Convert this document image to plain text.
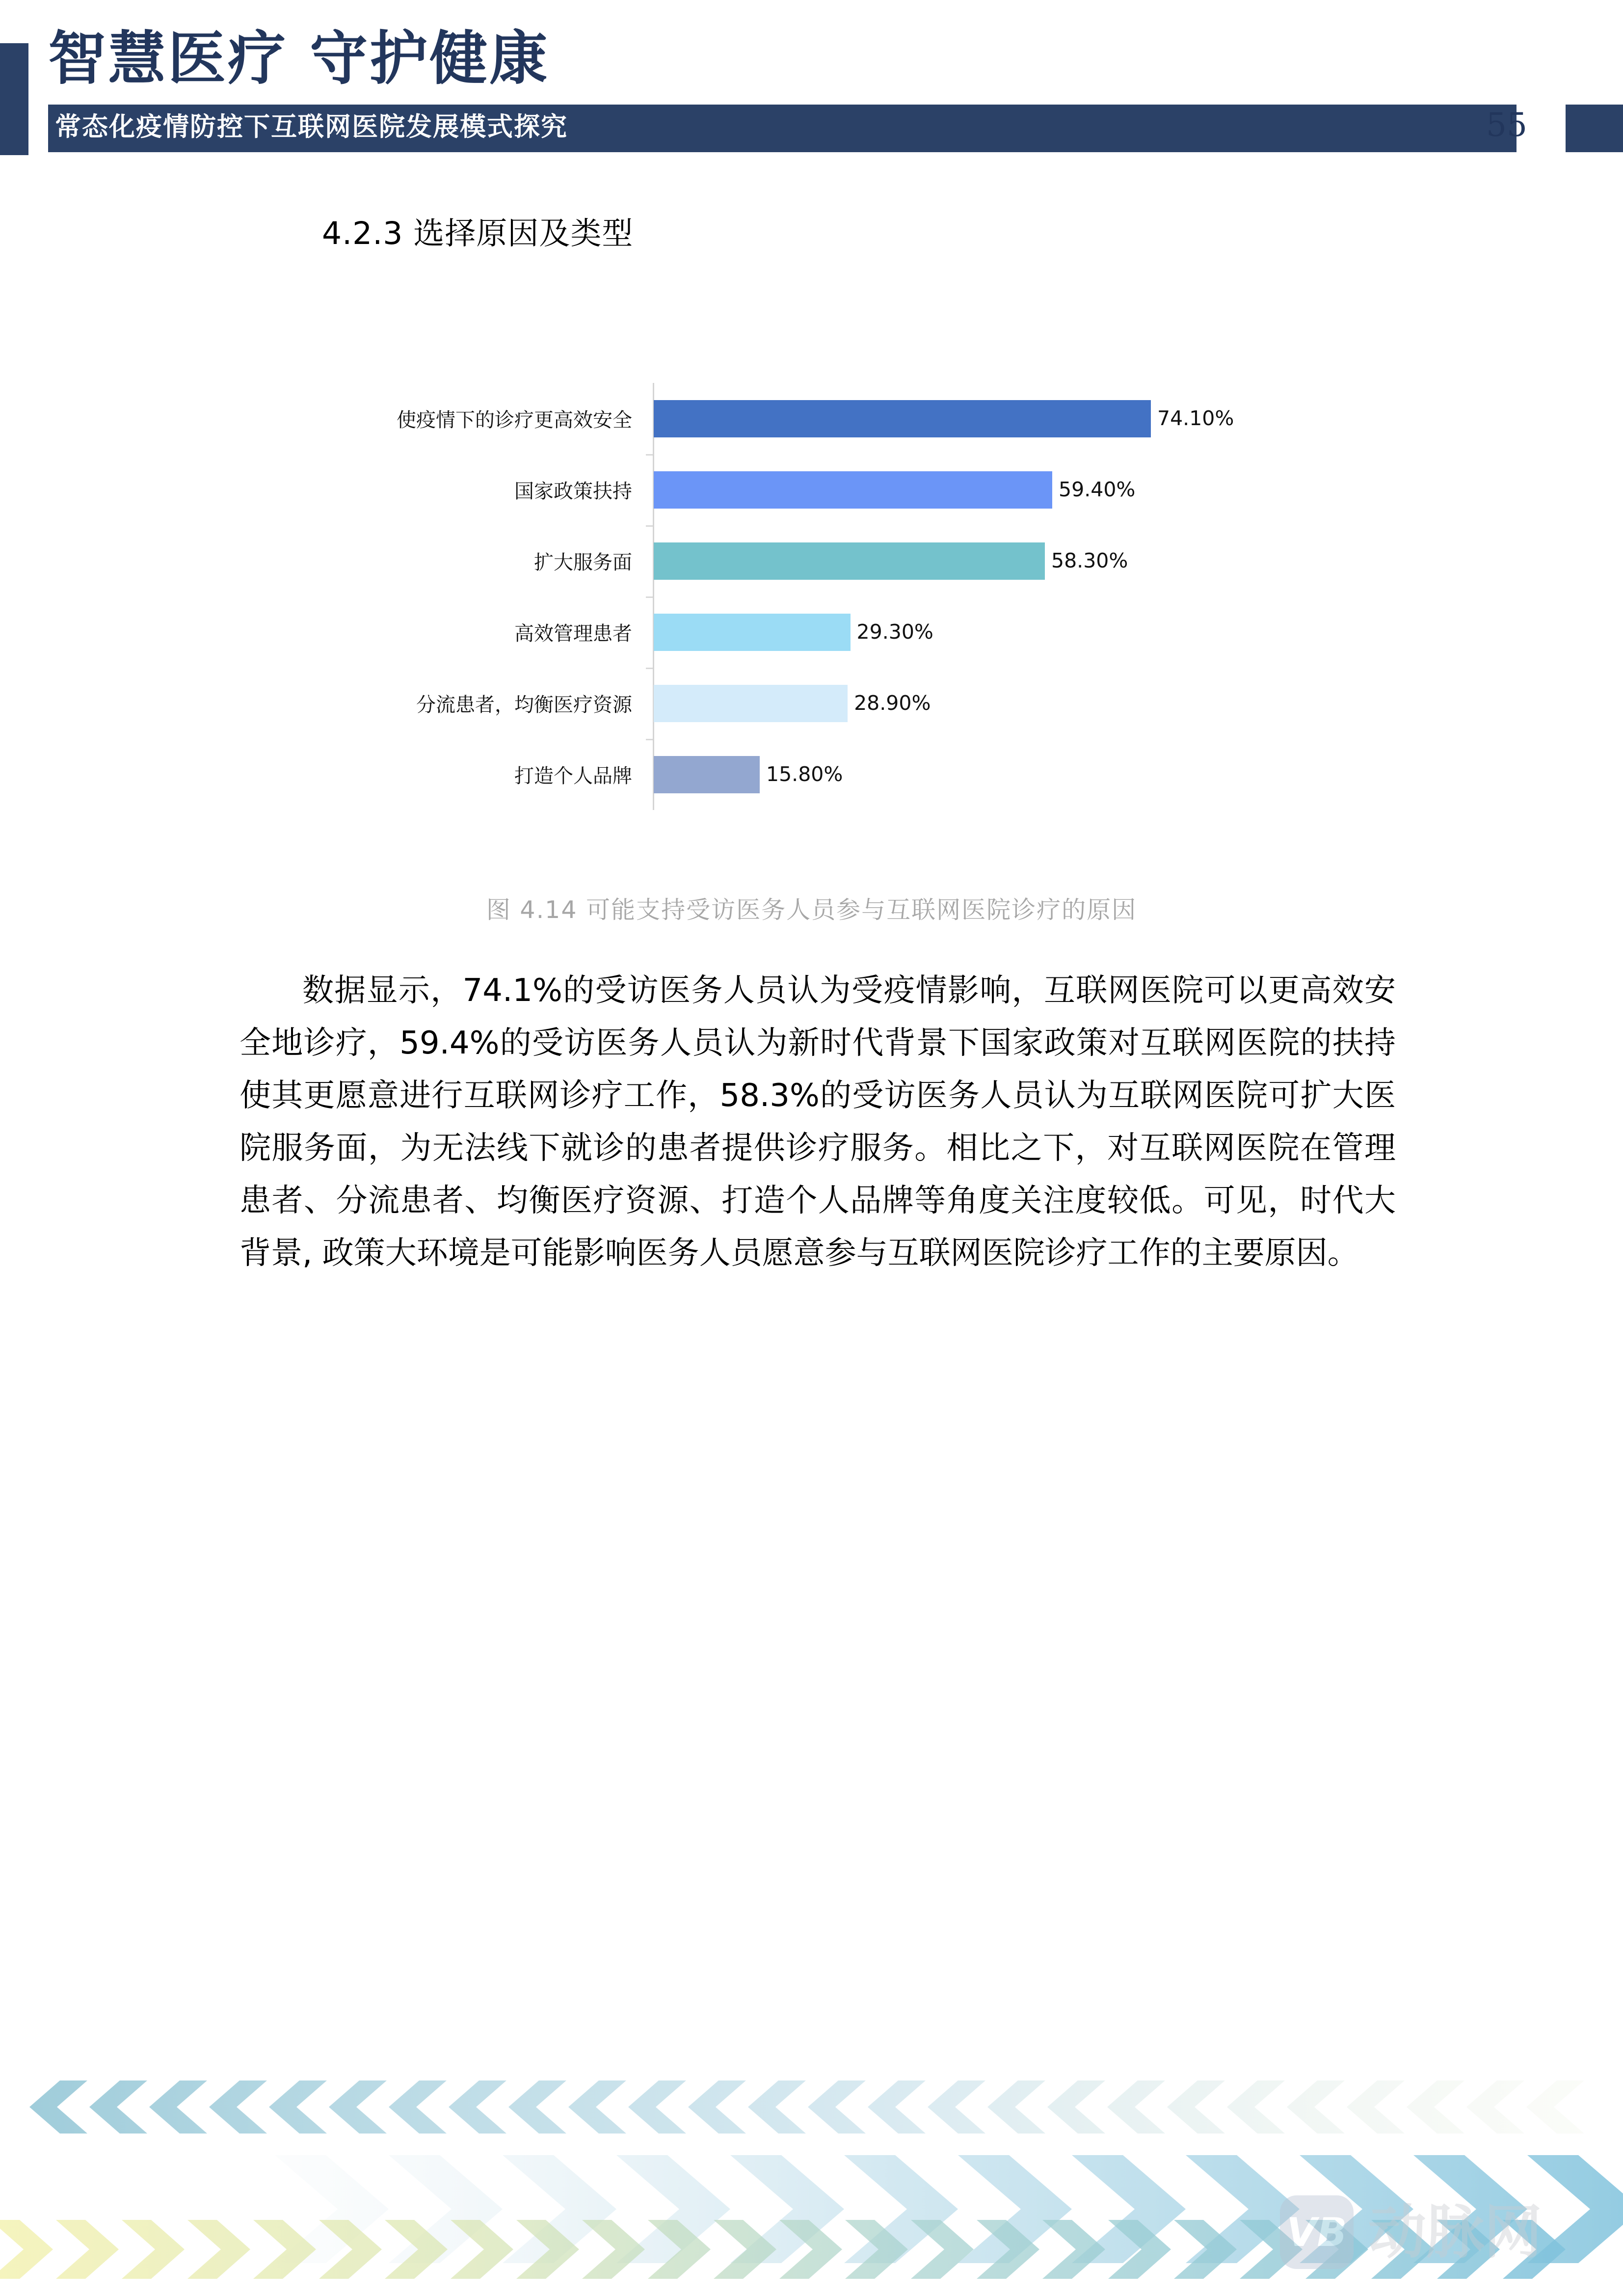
智慧医疗 守护健康
常态化疫情防控下互联网医院发展模式探究	55
4.2.3 选择原因及类型
使疫情下的诊疗更高效安全	74.10%
国家政策扶持	59.40%
扩大服务面	58.30%
高效管理患者	29.30%
分流患者，均衡医疗资源	28.90%
打造个人品牌	15.80%
图 4.14 可能支持受访医务人员参与互联网医院诊疗的原因
数据显示，74.1%的受访医务人员认为受疫情影响，互联网医院可以更高效安全地诊疗，59.4%的受访医务人员认为新时代背景下国家政策对互联网医院的扶持使其更愿意进行互联网诊疗工作，58.3%的受访医务人员认为互联网医院可扩大医院服务面，为无法线下就诊的患者提供诊疗服务。相比之下，对互联网医院在管理患者、分流患者、均衡医疗资源、打造个人品牌等角度关注度较低。可见，时代大背景, 政策大环境是可能影响医务人员愿意参与互联网医院诊疗工作的主要原因。
VB 动脉网
